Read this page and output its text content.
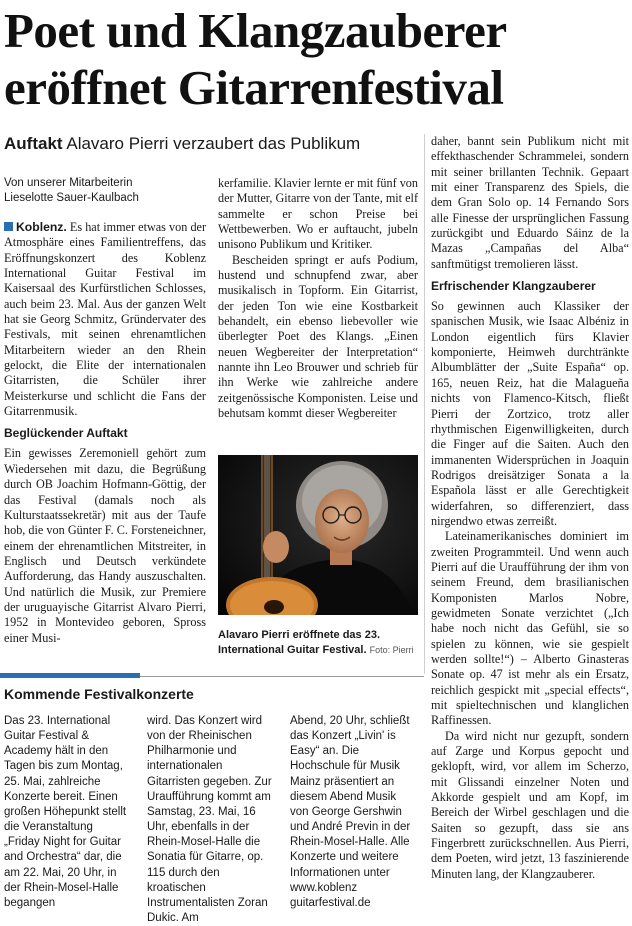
Poet und Klangzauberer
eröffnet Gitarrenfestival
Auftakt Alavaro Pierri verzaubert das Publikum
Von unserer Mitarbeiterin
Lieselotte Sauer-Kaulbach

Koblenz. Es hat immer etwas von der Atmosphäre eines Familientreffens, das Eröffnungskonzert des Koblenz International Guitar Festival im Kaisersaal des Kurfürstlichen Schlosses, auch beim 23. Mal. Aus der ganzen Welt hat sie Georg Schmitz, Gründervater des Festivals, mit seinen ehrenamtlichen Mitarbeitern wieder an den Rhein gelockt, die Elite der internationalen Gitarristen, die Schüler ihrer Meisterkurse und schlicht die Fans der Gitarrenmusik.

Beglückender Auftakt

Ein gewisses Zeremoniell gehört zum Wiedersehen mit dazu, die Begrüßung durch OB Joachim Hofmann-Göttig, der das Festival (damals noch als Kulturstaatssekretär) mit aus der Taufe hob, die von Günter F. C. Forsteneichner, einem der ehrenamtlichen Mitstreiter, in Englisch und Deutsch verkündete Aufforderung, das Handy auszuschalten. Und natürlich die Musik, zur Premiere der uruguayische Gitarrist Alvaro Pierri, 1952 in Montevideo geboren, Spross einer Musi-

kerfamilie. Klavier lernte er mit fünf von der Mutter, Gitarre von der Tante, mit elf sammelte er schon Preise bei Wettbewerben. Wo er auftaucht, jubeln unisono Publikum und Kritiker.

Bescheiden springt er aufs Podium, hustend und schnupfend zwar, aber musikalisch in Topform. Ein Gitarrist, der jeden Ton wie eine Kostbarkeit behandelt, ein ebenso liebevoller wie überlegter Poet des Klangs. „Einen neuen Wegbereiter der Interpretation“ nannte ihn Leo Brouwer und schrieb für ihn Werke wie zahlreiche andere zeitgenössische Komponisten. Leise und behutsam kommt dieser Wegbereiter

Alavaro Pierri eröffnete das 23. International Guitar Festival. Foto: Pierri

daher, bannt sein Publikum nicht mit effekthaschender Schrammelei, sondern mit seiner brillanten Technik. Gepaart mit einer Transparenz des Spiels, die dem Gran Solo op. 14 Fernando Sors alle Finesse der ursprünglichen Fassung zurückgibt und Eduardo Sáinz de la Mazas „Campañas del Alba“ sanftmütigst tremolieren lässt.

Erfrischender Klangzauberer

So gewinnen auch Klassiker der spanischen Musik, wie Isaac Albéniz in London eigentlich fürs Klavier komponierte, Heimweh durchtränkte Albumblätter der „Suite España“ op. 165, neuen Reiz, hat die Malagueña nichts von Flamenco-Kitsch, fließt Pierri der Zortzico, trotz aller rhythmischen Eigenwilligkeiten, durch die Finger auf die Saiten. Auch den immanenten Widersprüchen in Joaquin Rodrigos dreisätziger Sonata a la Española lässt er alle Gerechtigkeit widerfahren, so differenziert, dass nirgendwo etwas zerreißt.

Lateinamerikanisches dominiert im zweiten Programmteil. Und wenn auch Pierri auf die Uraufführung der ihm von seinem Freund, dem brasilianischen Komponisten Marlos Nobre, gewidmeten Sonate verzichtet („Ich habe noch nicht das Gefühl, sie so spielen zu können, wie sie gespielt werden sollte!“) – Alberto Ginasteras Sonate op. 47 ist mehr als ein Ersatz, reichlich gespickt mit „special effects“, mit spieltechnischen und klanglichen Raffinessen.

Da wird nicht nur gezupft, sondern auf Zarge und Korpus gepocht und geklopft, wird, vor allem im Scherzo, mit Glissandi einzelner Noten und Akkorde gespielt und am Kopf, im Bereich der Wirbel geschlagen und die Saiten so gezupft, dass sie ans Fingerbrett zurückschnellen. Aus Pierri, dem Poeten, wird jetzt, 13 faszinierende Minuten lang, der Klangzauberer.

Kommende Festivalkonzerte

Das 23. International Guitar Festival & Academy hält in den Tagen bis zum Montag, 25. Mai, zahlreiche Konzerte bereit. Einen großen Höhepunkt stellt die Veranstaltung „Friday Night for Guitar and Orchestra“ dar, die am 22. Mai, 20 Uhr, in der Rhein-Mosel-Halle begangen

wird. Das Konzert wird von der Rheinischen Philharmonie und internationalen Gitarristen gegeben. Zur Uraufführung kommt am Samstag, 23. Mai, 16 Uhr, ebenfalls in der Rhein-Mosel-Halle die Sonatia für Gitarre, op. 115 durch den kroatischen Instrumentalisten Zoran Dukic. Am

Abend, 20 Uhr, schließt das Konzert „Livin' is Easy“ an. Die Hochschule für Musik Mainz präsentiert an diesem Abend Musik von George Gershwin und André Previn in der Rhein-Mosel-Halle. Alle Konzerte und weitere Informationen unter www.koblenz guitarfestival.de
